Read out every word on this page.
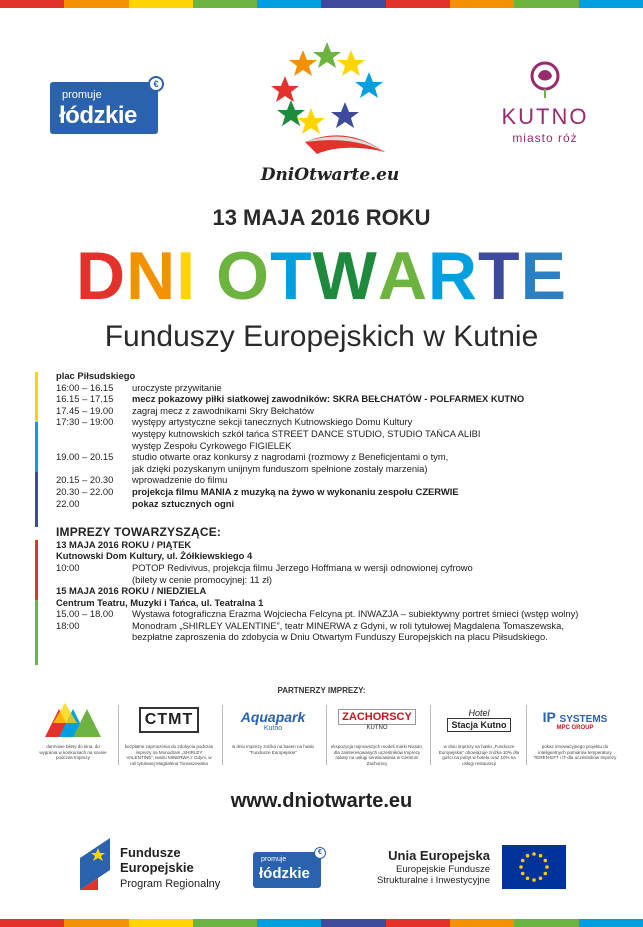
promuje
łódzkie
€
DniOtwarte.eu
KUTNO
miasto róż
13 MAJA 2016 ROKU
DNI OTWARTE
Funduszy Europejskich w Kutnie
plac Piłsudskiego
16:00 – 16.15	uroczyste przywitanie

16.15 – 17.15	mecz pokazowy piłki siatkowej zawodników: SKRA BEŁCHATÓW - POLFARMEX KUTNO

17.45 – 19.00	zagraj mecz z zawodnikami Skry Bełchatów

17:30 – 19:00	występy artystyczne sekcji tanecznych Kutnowskiego Domu Kultury

występy kutnowskich szkół tańca STREET DANCE STUDIO, STUDIO TAŃCA ALIBI

występ Zespołu Cyrkowego FIGIELEK

19.00 – 20.15	studio otwarte oraz konkursy z nagrodami (rozmowy z Beneficjentami o tym,

jak dzięki pozyskanym unijnym funduszom spełnione zostały marzenia)

20.15 – 20.30	wprowadzenie do filmu

20.30 – 22.00	projekcja filmu MANIA z muzyką na żywo w wykonaniu zespołu CZERWIE

22.00	pokaz sztucznych ogni

IMPREZY TOWARZYSZĄCE:
13 MAJA 2016 ROKU / PIĄTEK
Kutnowski Dom Kultury, ul. Żółkiewskiego 4
10:00	POTOP Redivivus, projekcja filmu Jerzego Hoffmana w wersji odnowionej cyfrowo

(bilety w cenie promocyjnej: 11 zł)

15 MAJA 2016 ROKU / NIEDZIELA
Centrum Teatru, Muzyki i Tańca, ul. Teatralna 1
15.00 – 18.00	Wystawa fotograficzna Erazma Wojciecha Felcyna pt. INWAZJA – subiektywny portret śmieci (wstęp wolny)
18:00	Monodram „SHIRLEY VALENTINE”, teatr MINERWA z Gdyni, w roli tytułowej Magdalena Tomaszewska,

bezpłatne zaproszenia do zdobycia w Dniu Otwartym Funduszy Europejskich na placu Piłsudskiego.

PARTNERZY IMPREZY:
darmowe bilety do kina, do wygrania w konkursach na scenie podczas Imprezy
CTMT
bezpłatne zaproszenia do zdobycia podczas imprezy na Monodram „SHIRLEY VALENTINE”, teatru MINERWA z Gdyni, w roli tytułowej Magdalena Tomaszewska
Aquapark
Kutno
w dniu imprezy zniżka na basen na hasło "Fundusze Europejskie"
ZACHORSCY
KUTNO
ekspozycja najnowszych modeli marki Nissan, dla zainteresowanych uczestników Imprezy rabaty na usługi serwisowania w Centrum Zachorscy
Hotel
Stacja Kutno
w dniu imprezy na hasło „Fundusze Europejskie” obowiązuje zniżka 10% dla gości na pobyt w hotelu oraz 10% na usługi restauracji
IP SYSTEMS
MPC GROUP
pokaz innowacyjnego projektu do inteligentnych pomiarów temperatury TEREN-EFT i IT dla uczestników Imprezy
www.dniotwarte.eu
Fundusze
Europejskie
Program Regionalny
promuje
łódzkie
€	Unia Europejska
Europejskie Fundusze
Strukturalne i Inwestycyjne
